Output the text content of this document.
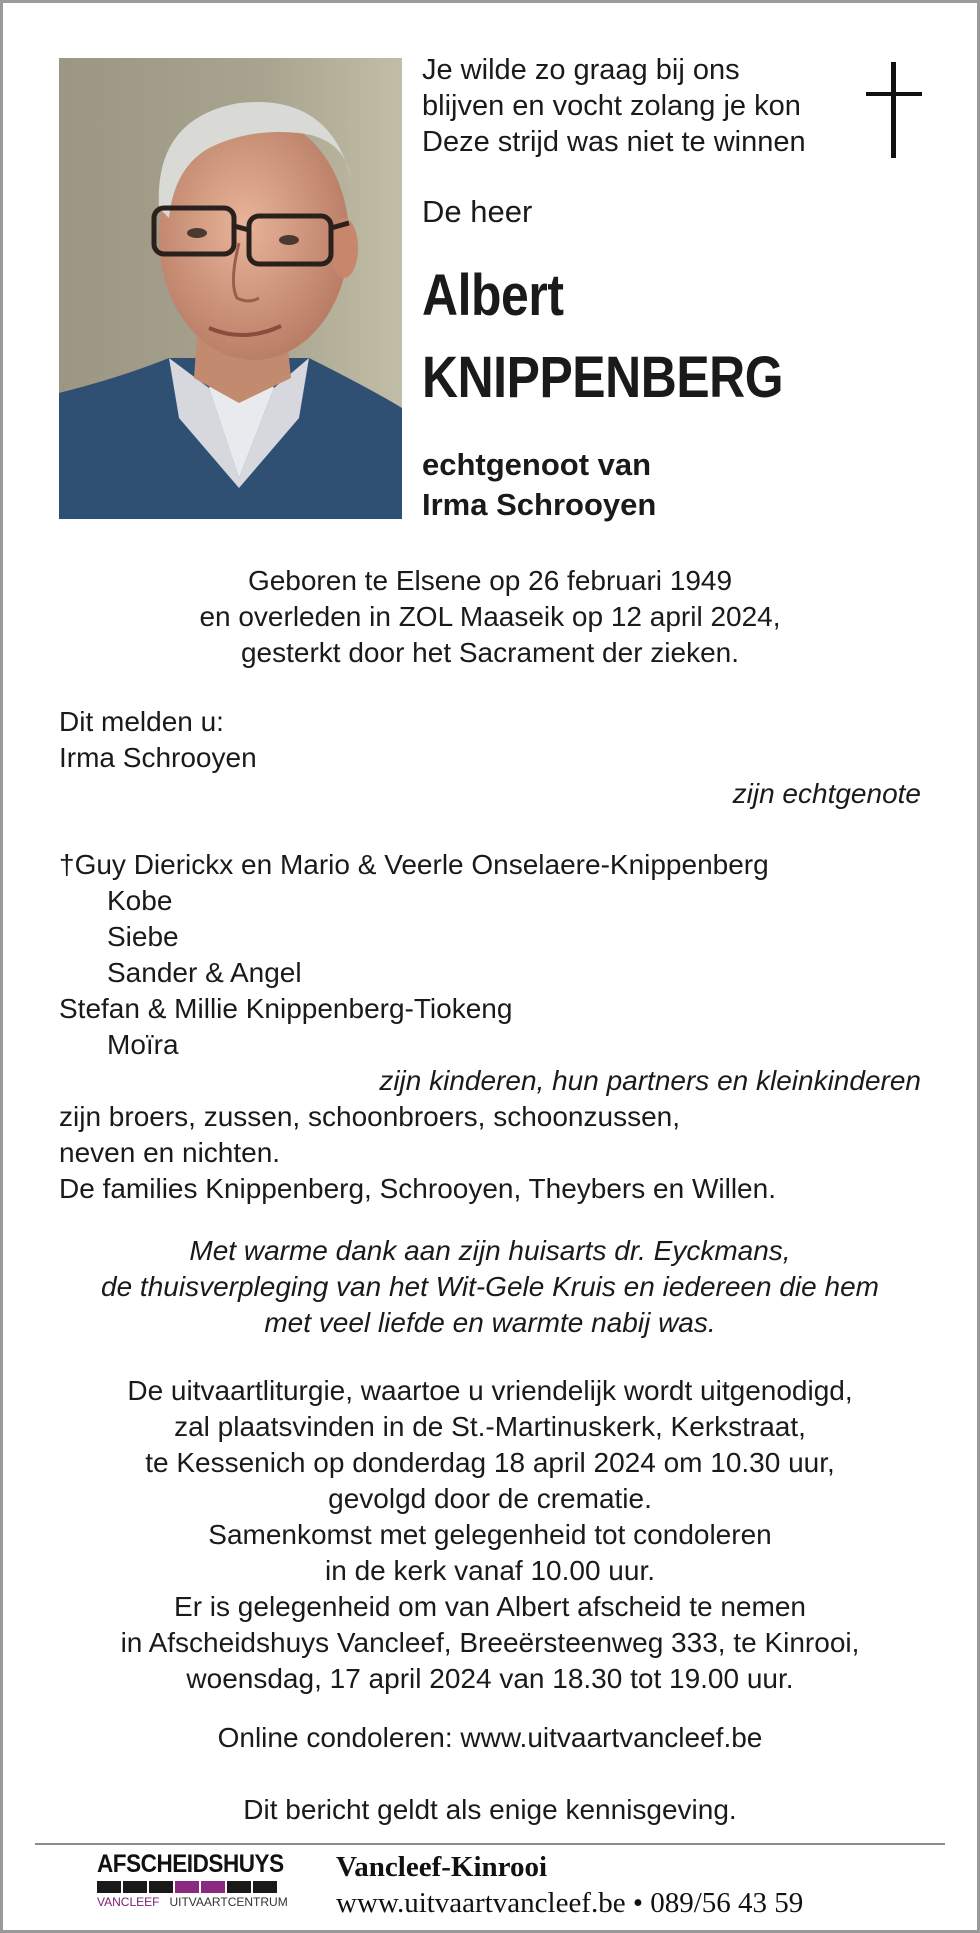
Je wilde zo graag bij ons
blijven en vocht zolang je kon
Deze strijd was niet te winnen
De heer
Albert
KNIPPENBERG
echtgenoot van
Irma Schrooyen
Geboren te Elsene op 26 februari 1949
en overleden in ZOL Maaseik op 12 april 2024,
gesterkt door het Sacrament der zieken.
Dit melden u:
Irma Schrooyen
zijn echtgenote
†Guy Dierickx en Mario & Veerle Onselaere-Knippenberg
Kobe
Siebe
Sander & Angel
Stefan & Millie Knippenberg-Tiokeng
Moïra
zijn kinderen, hun partners en kleinkinderen
zijn broers, zussen, schoonbroers, schoonzussen,
neven en nichten.
De families Knippenberg, Schrooyen, Theybers en Willen.
Met warme dank aan zijn huisarts dr. Eyckmans,
de thuisverpleging van het Wit-Gele Kruis en iedereen die hem
met veel liefde en warmte nabij was.
De uitvaartliturgie, waartoe u vriendelijk wordt uitgenodigd,
zal plaatsvinden in de St.-Martinuskerk, Kerkstraat,
te Kessenich op donderdag 18 april 2024 om 10.30 uur,
gevolgd door de crematie.
Samenkomst met gelegenheid tot condoleren
in de kerk vanaf 10.00 uur.
Er is gelegenheid om van Albert afscheid te nemen
in Afscheidshuys Vancleef, Breeërsteenweg 333, te Kinrooi,
woensdag, 17 april 2024 van 18.30 tot 19.00 uur.
Online condoleren: www.uitvaartvancleef.be
Dit bericht geldt als enige kennisgeving.
AFSCHEIDSHUYS
VANCLEEF UITVAARTCENTRUM
Vancleef-Kinrooi
www.uitvaartvancleef.be • 089/56 43 59
